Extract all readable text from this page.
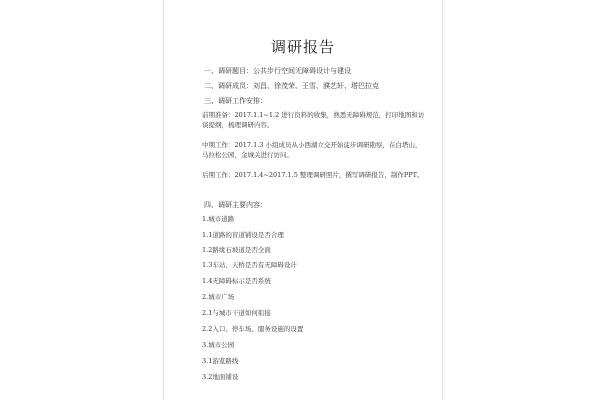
调研报告
一、调研题目：公共步行空间无障碍设计与建设
二、调研成员：刘昌、徐茂荣、王雪、濮艺轩、塔巴拉克
三、调研工作安排：
前期准备：2017.1.1~1.2 进行资料的收集，熟悉无障碍规范，打印地图和访谈提纲，梳理调研内容。
中期工作：2017.1.3 小组成员从小西湖立交开始徒步调研勘察，在白塔山，马拉松公园，金城关进行访问。
后期工作：2017.1.4~2017.1.5 整理调研照片，撰写调研报告，制作PPT。
四、调研主要内容：
1.城市道路
1.1道路的盲道铺设是否合理
1.2路缘石坡道是否全面
1.3车站、天桥是否有无障碍设计
1.4无障碍标示是否系统
2.城市广场
2.1与城市干道如何衔接
2.2入口、停车场、服务设施的设置
3.城市公园
3.1游览路线
3.2地面铺设
